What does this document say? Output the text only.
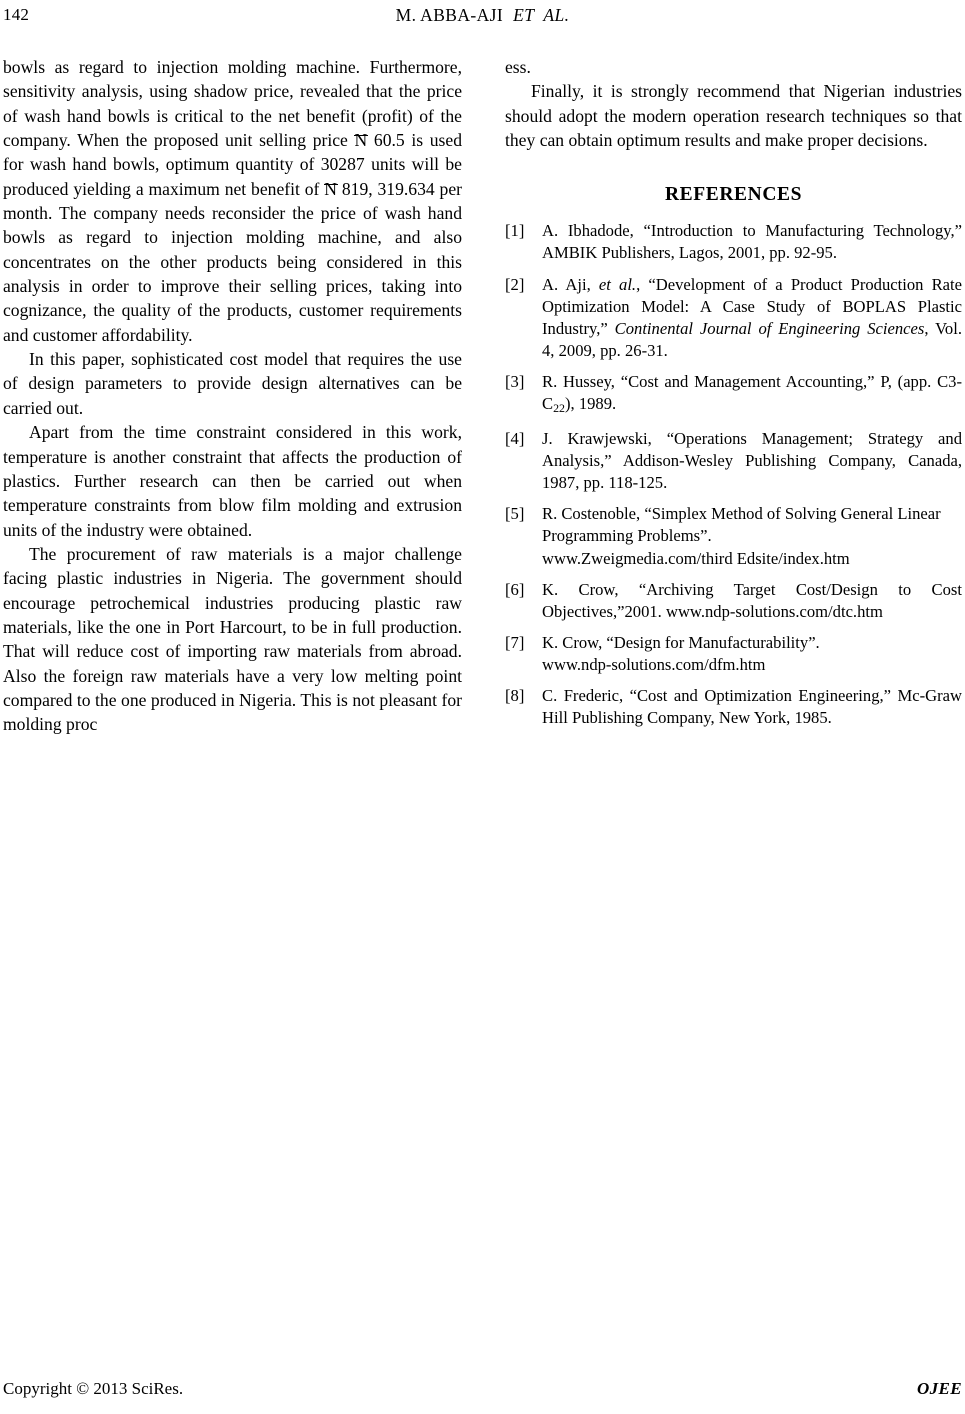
142	M. ABBA-AJI ET AL.

bowls as regard to injection molding machine. Furthermore, sensitivity analysis, using shadow price, revealed that the price of wash hand bowls is critical to the net benefit (profit) of the company. When the proposed unit selling price N 60.5 is used for wash hand bowls, optimum quantity of 30287 units will be produced yielding a maximum net benefit of N 819, 319.634 per month. The company needs reconsider the price of wash hand bowls as regard to injection molding machine, and also concentrates on the other products being considered in this analysis in order to improve their selling prices, taking into cognizance, the quality of the products, customer requirements and customer affordability.

In this paper, sophisticated cost model that requires the use of design parameters to provide design alternatives can be carried out.

Apart from the time constraint considered in this work, temperature is another constraint that affects the production of plastics. Further research can then be carried out when temperature constraints from blow film molding and extrusion units of the industry were obtained.

The procurement of raw materials is a major challenge facing plastic industries in Nigeria. The government should encourage petrochemical industries producing plastic raw materials, like the one in Port Harcourt, to be in full production. That will reduce cost of importing raw materials from abroad. Also the foreign raw materials have a very low melting point compared to the one produced in Nigeria. This is not pleasant for molding proc

ess.

Finally, it is strongly recommend that Nigerian industries should adopt the modern operation research techniques so that they can obtain optimum results and make proper decisions.

REFERENCES
[1]	A. Ibhadode, “Introduction to Manufacturing Technology,” AMBIK Publishers, Lagos, 2001, pp. 92-95.
[2]	A. Aji, et al., “Development of a Product Production Rate Optimization Model: A Case Study of BOPLAS Plastic Industry,” Continental Journal of Engineering Sciences, Vol. 4, 2009, pp. 26-31.
[3]	R. Hussey, “Cost and Management Accounting,” P, (app. $C3-C_{22}$), 1989.
[4]	J. Krawjewski, “Operations Management; Strategy and Analysis,” Addison-Wesley Publishing Company, Canada, 1987, pp. 118-125.
[5]	R. Costenoble, “Simplex Method of Solving General Linear Programming Problems”.
www.Zweigmedia.com/third Edsite/index.htm
[6]	K. Crow, “Archiving Target Cost/Design to Cost Objectives,”2001. www.ndp-solutions.com/dtc.htm
[7]	K. Crow, “Design for Manufacturability”.
www.ndp-solutions.com/dfm.htm
[8]	C. Frederic, “Cost and Optimization Engineering,” Mc-Graw Hill Publishing Company, New York, 1985.
Copyright © 2013 SciRes.	OJEE
